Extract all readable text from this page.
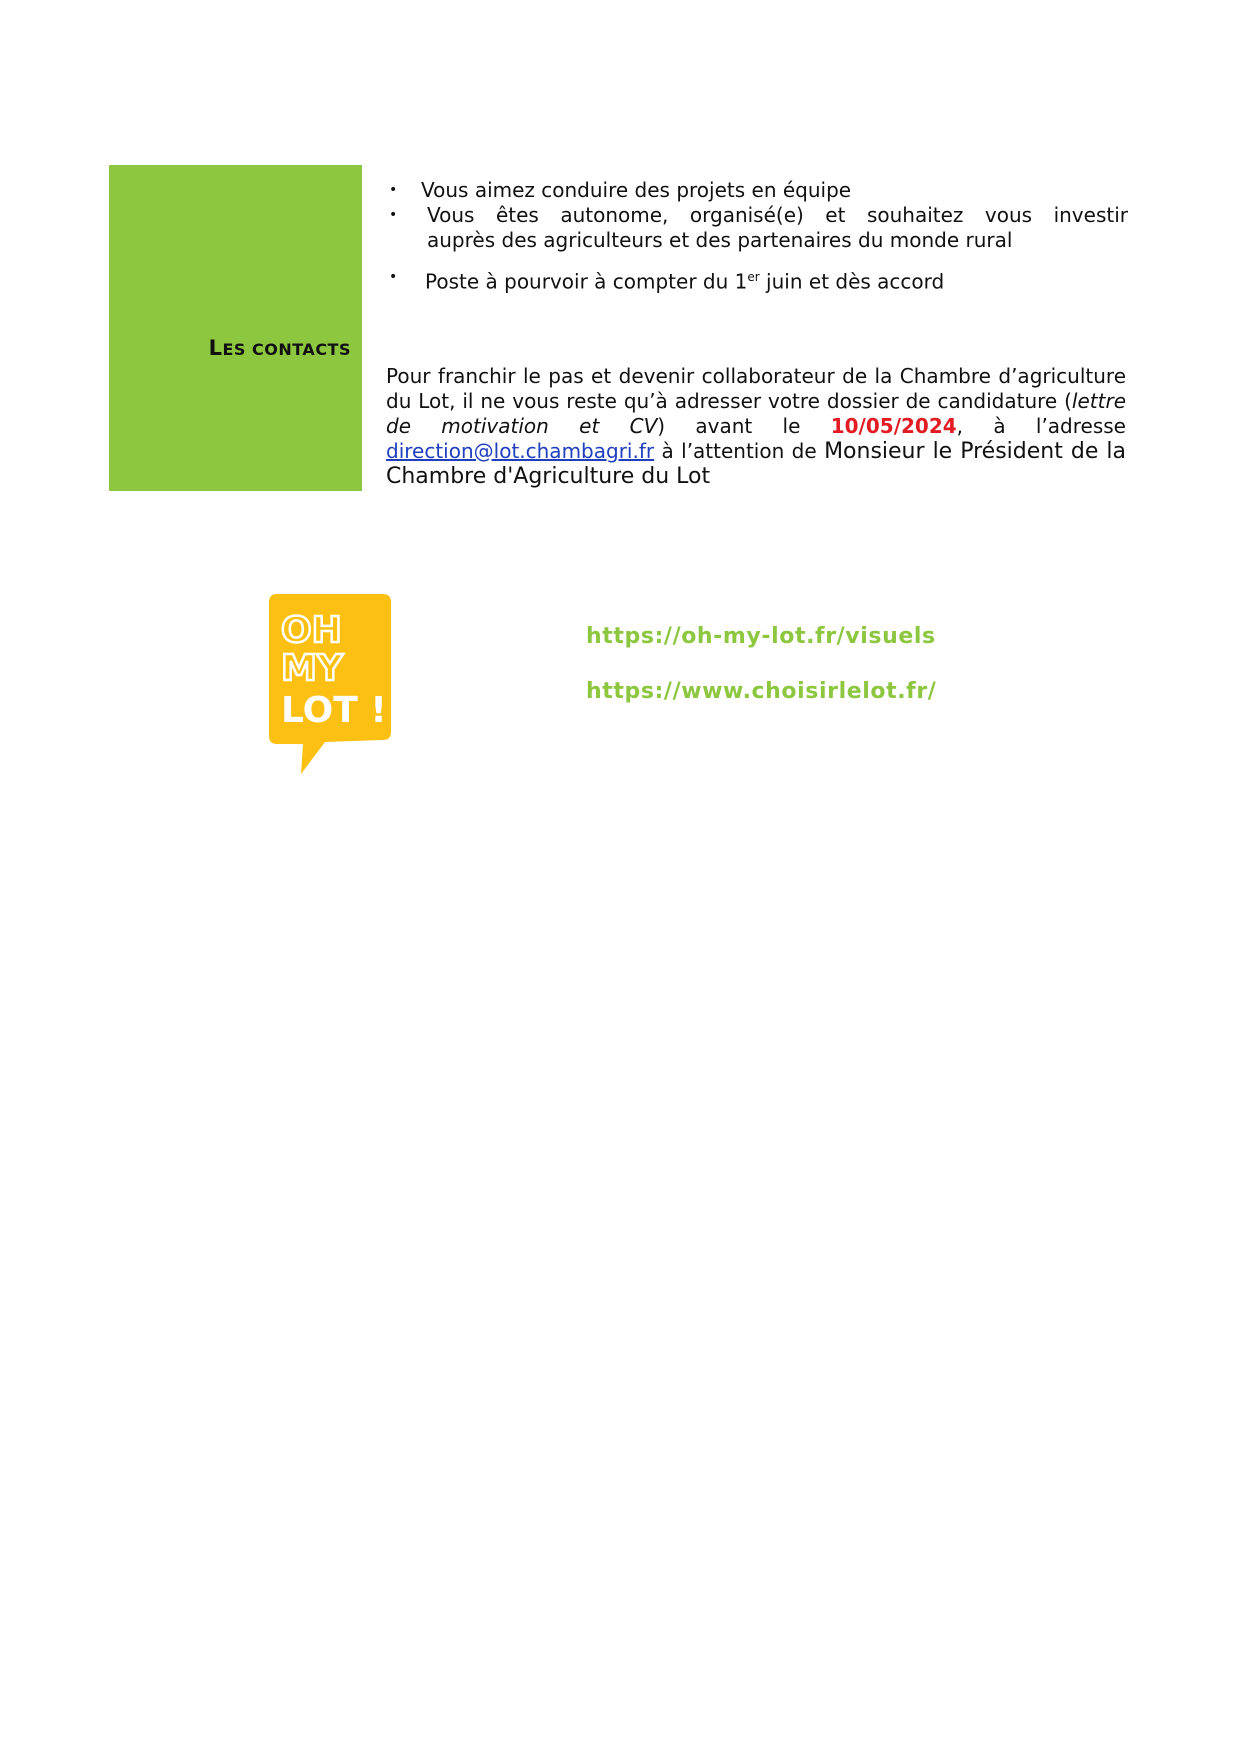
LES CONTACTS

• Vous aimez conduire des projets en équipe

• Vous êtes autonome, organisé(e) et souhaitez vous investir
auprès des agriculteurs et des partenaires du monde rural

• Poste à pourvoir à compter du 1er juin et dès accord

Pour franchir le pas et devenir collaborateur de la Chambre d’agriculture du Lot, il ne vous reste qu’à adresser votre dossier de candidature (lettre de motivation et CV) avant le 10/05/2024, à l’adresse direction@lot.chambagri.fr à l’attention de Monsieur le Président de la Chambre d'Agriculture du Lot

OH
MY
LOT !
https://oh-my-lot.fr/visuels
https://www.choisirlelot.fr/
